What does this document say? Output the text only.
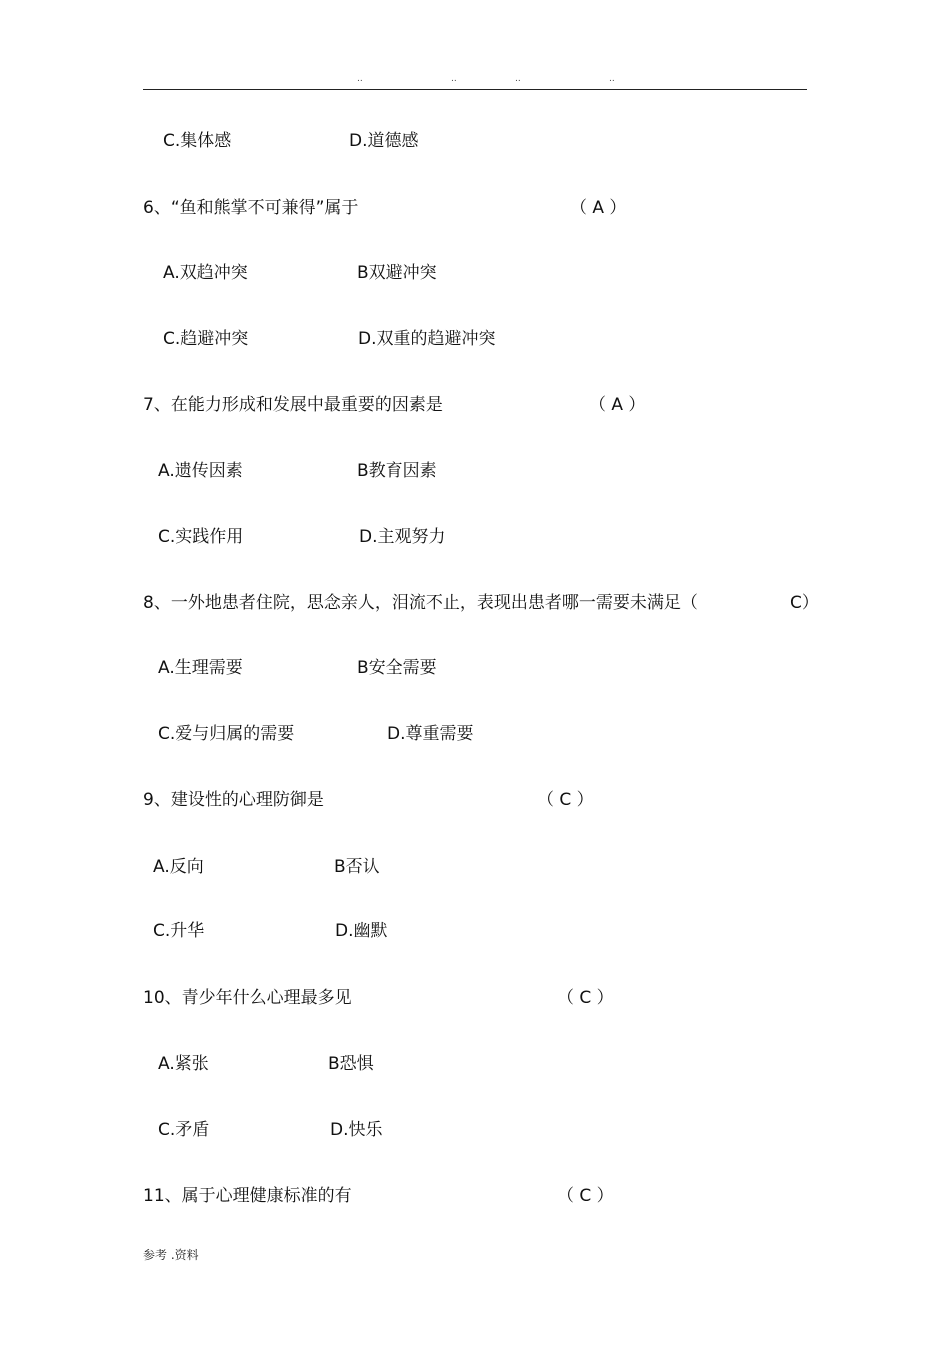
..	..	..	..
C.集体感	D.道德感
6、“鱼和熊掌不可兼得”属于	（ A ）
A.双趋冲突	B双避冲突
C.趋避冲突	D.双重的趋避冲突
7、在能力形成和发展中最重要的因素是	（ A ）
A.遗传因素	B教育因素
C.实践作用	D.主观努力
8、一外地患者住院，思念亲人，泪流不止，表现出患者哪一需要未满足（	C）
A.生理需要	B安全需要
C.爱与归属的需要	D.尊重需要
9、建设性的心理防御是	（ C ）
A.反向	B否认
C.升华	D.幽默
10、青少年什么心理最多见	（ C ）
A.紧张	B恐惧
C.矛盾	D.快乐
11、属于心理健康标准的有	（ C ）
参考 .资料
